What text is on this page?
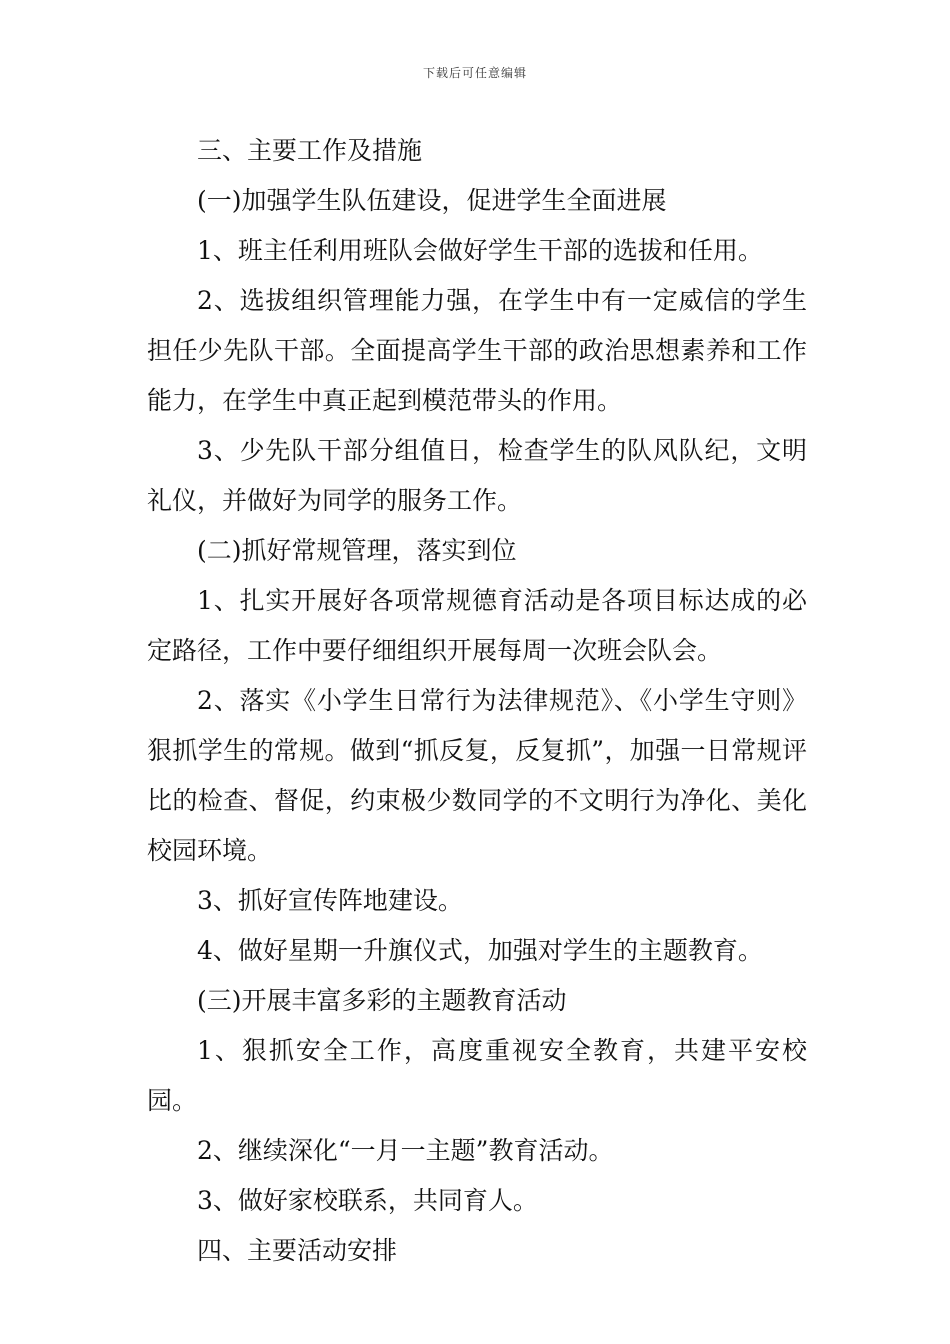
下载后可任意编辑

三、主要工作及措施

(一)加强学生队伍建设，促进学生全面进展

1、班主任利用班队会做好学生干部的选拔和任用。

2、选拔组织管理能力强，在学生中有一定威信的学生担任少先队干部。全面提高学生干部的政治思想素养和工作能力，在学生中真正起到模范带头的作用。

3、少先队干部分组值日，检查学生的队风队纪，文明礼仪，并做好为同学的服务工作。

(二)抓好常规管理，落实到位

1、扎实开展好各项常规德育活动是各项目标达成的必定路径，工作中要仔细组织开展每周一次班会队会。

2、落实《小学生日常行为法律规范》、《小学生守则》狠抓学生的常规。做到“抓反复，反复抓”，加强一日常规评比的检查、督促，约束极少数同学的不文明行为净化、美化校园环境。

3、抓好宣传阵地建设。

4、做好星期一升旗仪式，加强对学生的主题教育。

(三)开展丰富多彩的主题教育活动

1、狠抓安全工作，高度重视安全教育，共建平安校园。

2、继续深化“一月一主题”教育活动。

3、做好家校联系，共同育人。

四、主要活动安排
